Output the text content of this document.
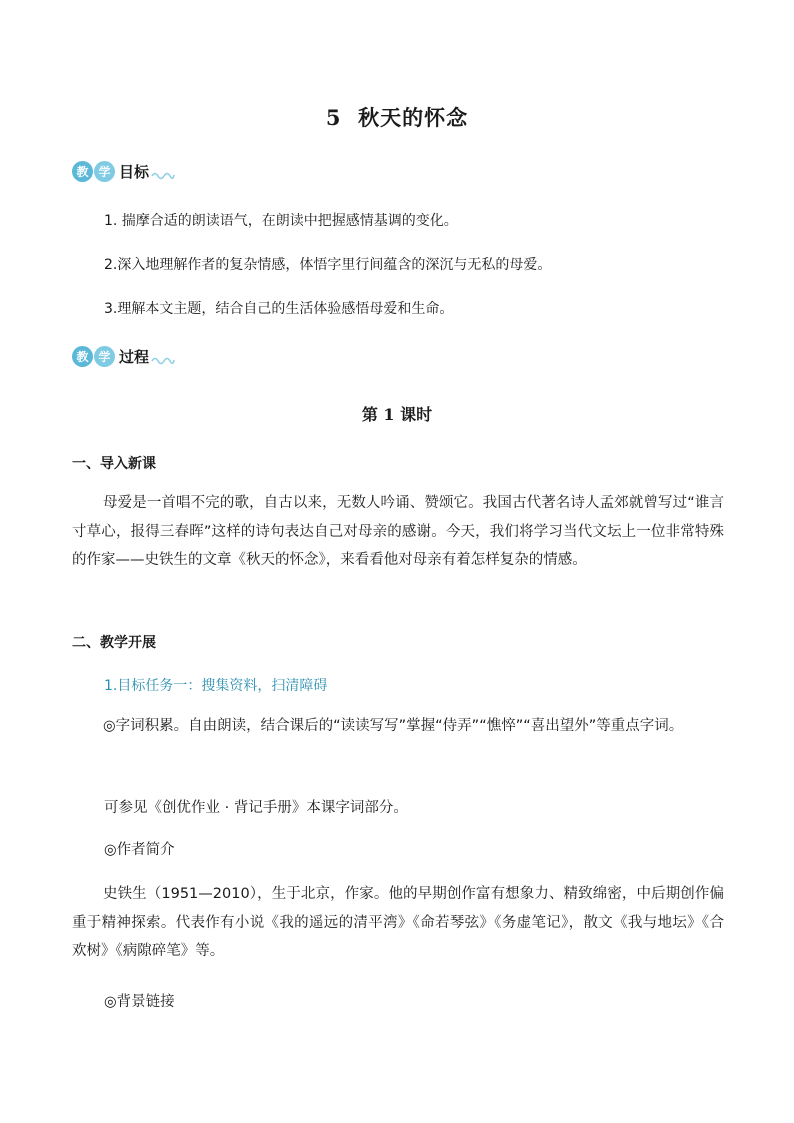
5  秋天的怀念
教 学 目标
1. 揣摩合适的朗读语气，在朗读中把握感情基调的变化。
2.深入地理解作者的复杂情感，体悟字里行间蕴含的深沉与无私的母爱。
3.理解本文主题，结合自己的生活体验感悟母爱和生命。
教 学 过程
第 1 课时
一、导入新课
母爱是一首唱不完的歌，自古以来，无数人吟诵、赞颂它。我国古代著名诗人孟郊就曾写过“谁言寸草心，报得三春晖”这样的诗句表达自己对母亲的感谢。今天，我们将学习当代文坛上一位非常特殊的作家——史铁生的文章《秋天的怀念》，来看看他对母亲有着怎样复杂的情感。
二、教学开展
1.目标任务一：搜集资料，扫清障碍
◎字词积累。自由朗读，结合课后的“读读写写”掌握“侍弄”“憔悴”“喜出望外”等重点字词。
可参见《创优作业 · 背记手册》本课字词部分。
◎作者简介
史铁生（1951—2010），生于北京，作家。他的早期创作富有想象力、精致绵密，中后期创作偏重于精神探索。代表作有小说《我的遥远的清平湾》《命若琴弦》《务虚笔记》，散文《我与地坛》《合欢树》《病隙碎笔》等。
◎背景链接
